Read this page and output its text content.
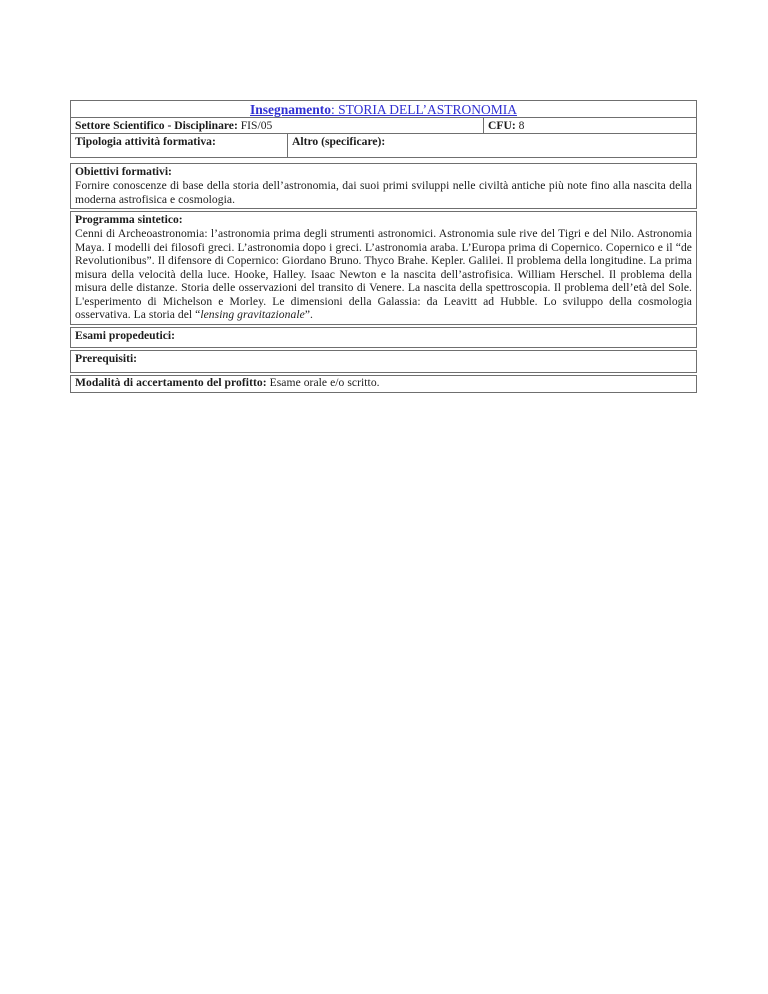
Insegnamento: STORIA DELL’ASTRONOMIA
Settore Scientifico - Disciplinare: FIS/05	CFU: 8
Tipologia attività formativa:	Altro (specificare):
Obiettivi formativi:
Fornire conoscenze di base della storia dell’astronomia, dai suoi primi sviluppi nelle civiltà antiche più note fino alla nascita della moderna astrofisica e cosmologia.
Programma sintetico:
Cenni di Archeoastronomia: l’astronomia prima degli strumenti astronomici. Astronomia sule rive del Tigri e del Nilo. Astronomia Maya. I modelli dei filosofi greci. L’astronomia dopo i greci. L’astronomia araba. L’Europa prima di Copernico. Copernico e il “de Revolutionibus”. Il difensore di Copernico: Giordano Bruno. Thyco Brahe. Kepler. Galilei. Il problema della longitudine. La prima misura della velocità della luce. Hooke, Halley. Isaac Newton e la nascita dell’astrofisica. William Herschel. Il problema della misura delle distanze. Storia delle osservazioni del transito di Venere. La nascita della spettroscopia. Il problema dell’età del Sole. L'esperimento di Michelson e Morley. Le dimensioni della Galassia: da Leavitt ad Hubble. Lo sviluppo della cosmologia osservativa. La storia del “lensing gravitazionale”.
Esami propedeutici:
Prerequisiti:
Modalità di accertamento del profitto: Esame orale e/o scritto.
